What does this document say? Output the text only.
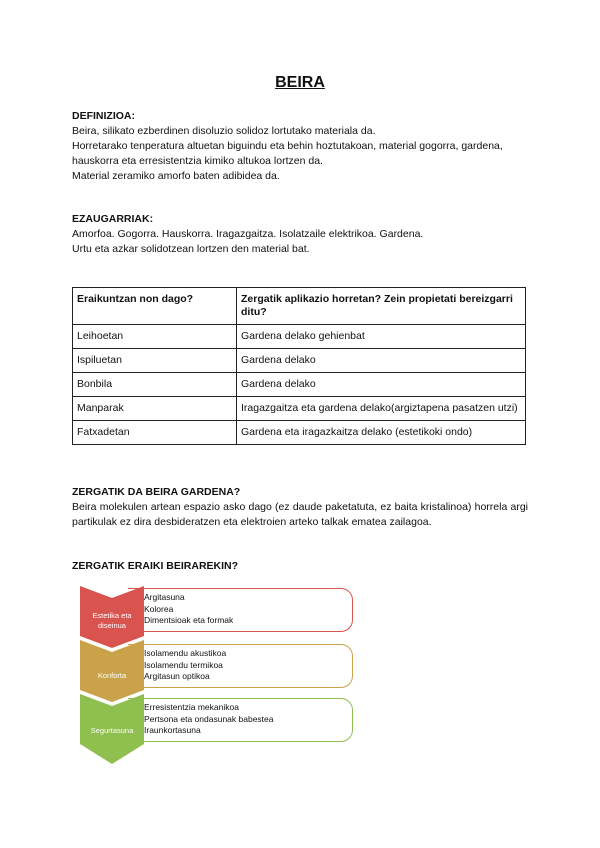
BEIRA
DEFINIZIOA:

Beira, silikato ezberdinen disoluzio solidoz lortutako materiala da.

Horretarako tenperatura altuetan biguindu eta behin hoztutakoan, material gogorra, gardena, hauskorra eta erresistentzia kimiko altukoa lortzen da.

Material zeramiko amorfo baten adibidea da.

EZAUGARRIAK:

Amorfoa. Gogorra. Hauskorra. Iragazgaitza. Isolatzaile elektrikoa. Gardena.

Urtu eta azkar solidotzean lortzen den material bat.

Eraikuntzan non dago?	Zergatik aplikazio horretan? Zein propietati bereizgarri ditu?
Leihoetan	Gardena delako gehienbat
Ispiluetan	Gardena delako
Bonbila	Gardena delako
Manparak	Iragazgaitza eta gardena delako(argiztapena pasatzen utzi)
Fatxadetan	Gardena eta iragazkaitza delako (estetikoki ondo)
ZERGATIK DA BEIRA GARDENA?

Beira molekulen artean espazio asko dago (ez daude paketatuta, ez baita kristalinoa) horrela argi partikulak ez dira desbideratzen eta elektroien arteko talkak ematea zailagoa.

ZERGATIK ERAIKI BEIRAREKIN?
• Argitasuna
• Kolorea
• Dimentsioak eta formak
• Isolamendu akustikoa
• Isolamendu termikoa
• Argitasun optikoa
• Erresistentzia mekanikoa
• Pertsona eta ondasunak babestea
• Iraunkortasuna
Estetika eta diseinua
Konforta
Segurtasuna
